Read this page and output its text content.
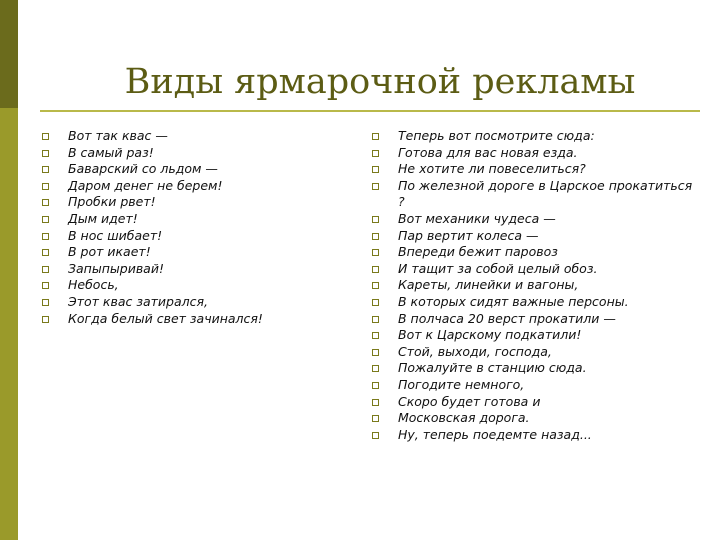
Виды ярмарочной рекламы
Вот так квас —
В самый раз!
Баварский со льдом —
Даром денег не берем!
Пробки рвет!
Дым идет!
В нос шибает!
В рот икает!
Запыпыривай!
Небось,
Этот квас затирался,
Когда белый свет зачинался!
Теперь вот посмотрите сюда:
Готова для вас новая езда.
Не хотите ли повеселиться?
По железной дороге в Царское прокатиться ?
Вот механики чудеса —
Пар вертит колеса —
Впереди бежит паровоз
И тащит за собой целый обоз.
Кареты, линейки и вагоны,
В которых сидят важные персоны.
В полчаса 20 верст прокатили —
Вот к Царскому подкатили!
Стой, выходи, господа,
Пожалуйте в станцию сюда.
Погодите немного,
Скоро будет готова и
Московская дорога.
Ну, теперь поедемте назад...
